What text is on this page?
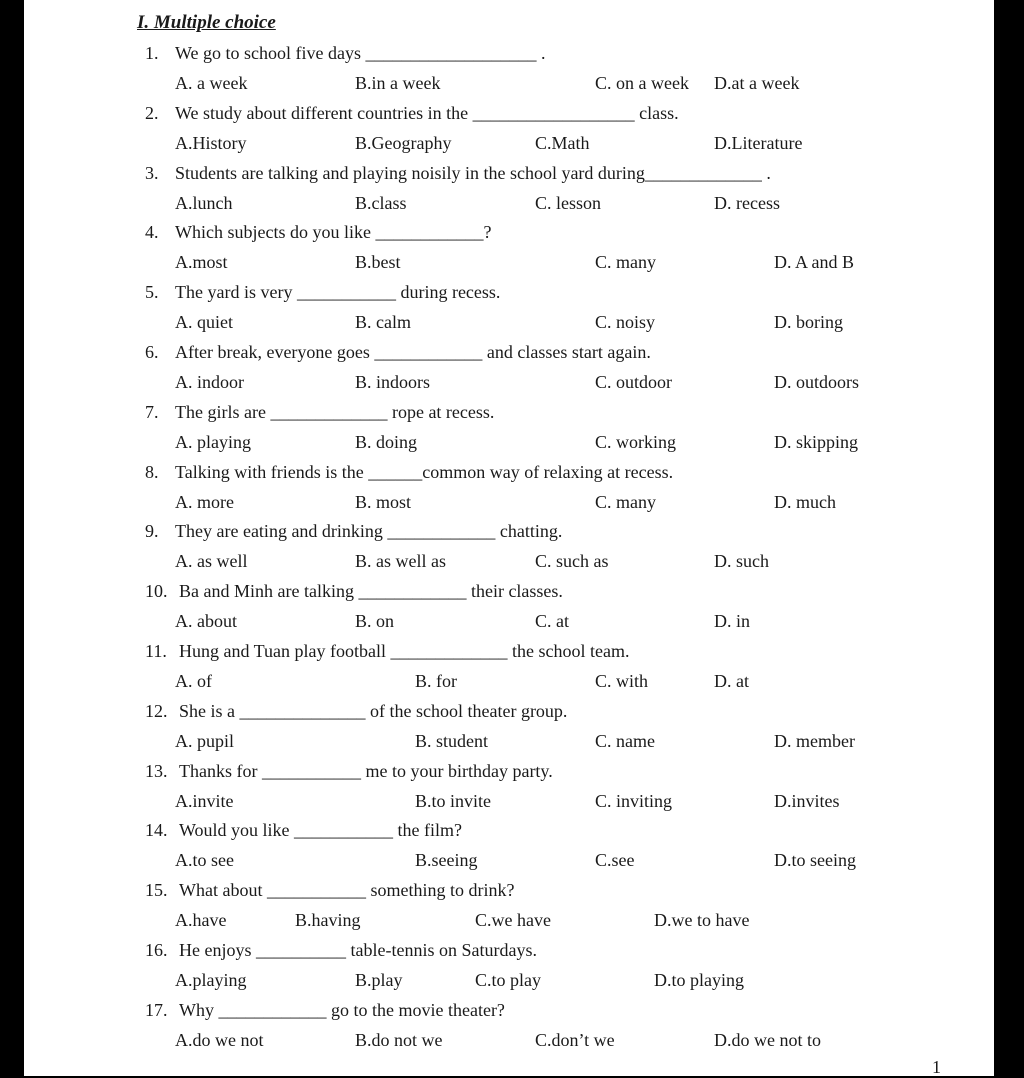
I. Multiple choice
1
1. We go to school five days ___________________ .
A. a week	B.in a week	C. on a week D.at a week
2. We study about different countries in the __________________ class.
A.History	B.Geography	C.Math	D.Literature
3. Students are talking and playing noisily in the school yard during_____________ .
A.lunch	B.class	C. lesson	D. recess
4. Which subjects do you like ____________?
A.most	B.best	C. many	D. A and B
5. The yard is very ___________ during recess.
A. quiet	B. calm	C. noisy	D. boring
6. After break, everyone goes ____________ and classes start again.
A. indoor	B. indoors	C. outdoor	D. outdoors
7. The girls are _____________ rope at recess.
A. playing	B. doing	C. working	D. skipping
8. Talking with friends is the ______common way of relaxing at recess.
A. more	B. most	C. many	D. much
9. They are eating and drinking ____________ chatting.
A. as well	B. as well as	C. such as	D. such
10. Ba and Minh are talking ____________ their classes.
A. about	B. on	C. at	D. in
11. Hung and Tuan play football _____________ the school team.
A. of	B. for	C. with	D. at
12. She is a ______________ of the school theater group.
A. pupil	B. student	C. name	D. member
13. Thanks for ___________ me to your birthday party.
A.invite	B.to invite	C. inviting	D.invites
14. Would you like ___________ the film?
A.to see	B.seeing	C.see	D.to seeing
15. What about ___________ something to drink?
A.have	B.having	C.we have	D.we to have
16. He enjoys __________ table-tennis on Saturdays.
A.playing	B.play	C.to play	D.to playing
17. Why ____________ go to the movie theater?
A.do we not	B.do not we	C.don’t we	D.do we not to
